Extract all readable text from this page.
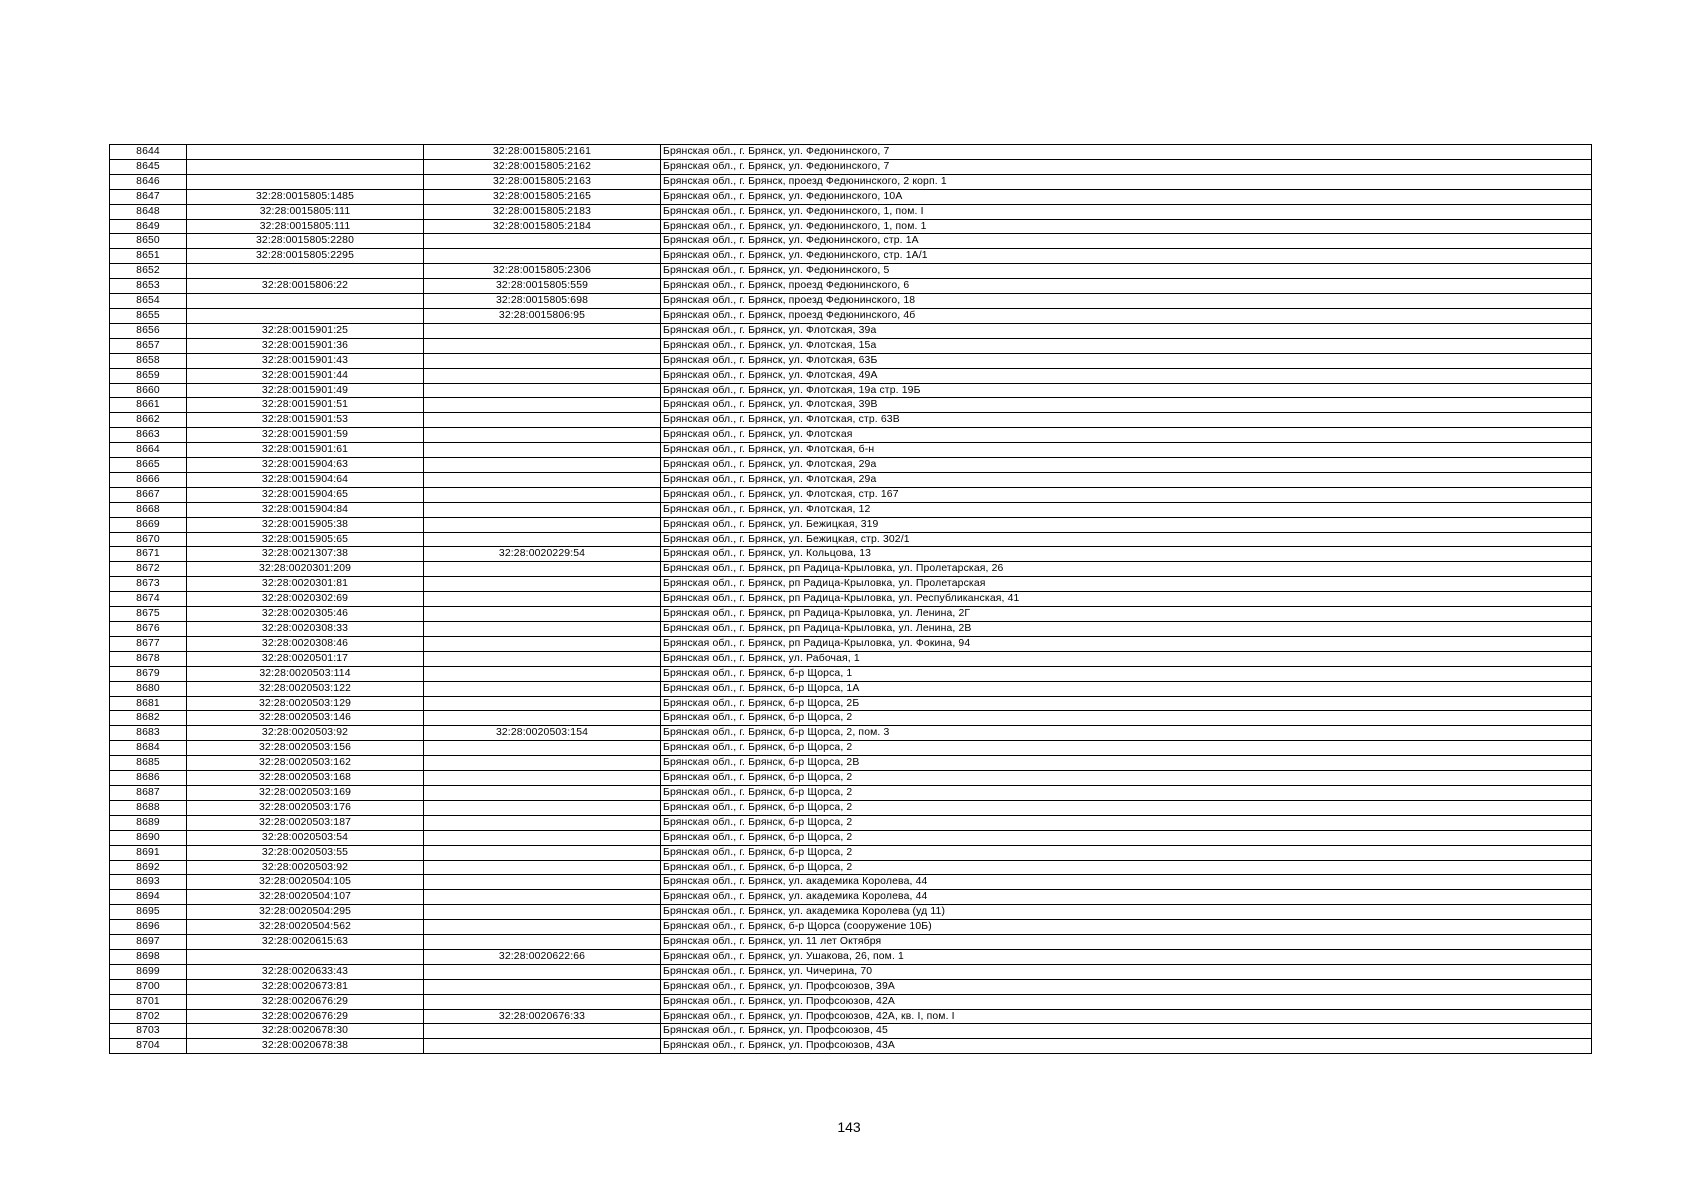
8644		32:28:0015805:2161	Брянская обл., г. Брянск, ул. Федюнинского, 7
8645		32:28:0015805:2162	Брянская обл., г. Брянск, ул. Федюнинского, 7
8646		32:28:0015805:2163	Брянская обл., г. Брянск, проезд Федюнинского, 2 корп. 1
8647	32:28:0015805:1485	32:28:0015805:2165	Брянская обл., г. Брянск, ул. Федюнинского, 10А
8648	32:28:0015805:111	32:28:0015805:2183	Брянская обл., г. Брянск, ул. Федюнинского, 1, пом. I
8649	32:28:0015805:111	32:28:0015805:2184	Брянская обл., г. Брянск, ул. Федюнинского, 1, пом. 1
8650	32:28:0015805:2280		Брянская обл., г. Брянск, ул. Федюнинского, стр. 1А
8651	32:28:0015805:2295		Брянская обл., г. Брянск, ул. Федюнинского, стр. 1А/1
8652		32:28:0015805:2306	Брянская обл., г. Брянск, ул. Федюнинского, 5
8653	32:28:0015806:22	32:28:0015805:559	Брянская обл., г. Брянск, проезд Федюнинского, 6
8654		32:28:0015805:698	Брянская обл., г. Брянск, проезд Федюнинского, 18
8655		32:28:0015806:95	Брянская обл., г. Брянск, проезд Федюнинского, 4б
8656	32:28:0015901:25		Брянская обл., г. Брянск, ул. Флотская, 39а
8657	32:28:0015901:36		Брянская обл., г. Брянск, ул. Флотская, 15а
8658	32:28:0015901:43		Брянская обл., г. Брянск, ул. Флотская, 63Б
8659	32:28:0015901:44		Брянская обл., г. Брянск, ул. Флотская, 49А
8660	32:28:0015901:49		Брянская обл., г. Брянск, ул. Флотская, 19а стр. 19Б
8661	32:28:0015901:51		Брянская обл., г. Брянск, ул. Флотская, 39В
8662	32:28:0015901:53		Брянская обл., г. Брянск, ул. Флотская, стр. 63В
8663	32:28:0015901:59		Брянская обл., г. Брянск, ул. Флотская
8664	32:28:0015901:61		Брянская обл., г. Брянск, ул. Флотская, б-н
8665	32:28:0015904:63		Брянская обл., г. Брянск, ул. Флотская, 29а
8666	32:28:0015904:64		Брянская обл., г. Брянск, ул. Флотская, 29а
8667	32:28:0015904:65		Брянская обл., г. Брянск, ул. Флотская, стр. 167
8668	32:28:0015904:84		Брянская обл., г. Брянск, ул. Флотская, 12
8669	32:28:0015905:38		Брянская обл., г. Брянск, ул. Бежицкая, 319
8670	32:28:0015905:65		Брянская обл., г. Брянск, ул. Бежицкая, стр. 302/1
8671	32:28:0021307:38	32:28:0020229:54	Брянская обл., г. Брянск, ул. Кольцова, 13
8672	32:28:0020301:209		Брянская обл., г. Брянск, рп Радица-Крыловка, ул. Пролетарская, 26
8673	32:28:0020301:81		Брянская обл., г. Брянск, рп Радица-Крыловка, ул. Пролетарская
8674	32:28:0020302:69		Брянская обл., г. Брянск, рп Радица-Крыловка, ул. Республиканская, 41
8675	32:28:0020305:46		Брянская обл., г. Брянск, рп Радица-Крыловка, ул. Ленина, 2Г
8676	32:28:0020308:33		Брянская обл., г. Брянск, рп Радица-Крыловка, ул. Ленина, 2В
8677	32:28:0020308:46		Брянская обл., г. Брянск, рп Радица-Крыловка, ул. Фокина, 94
8678	32:28:0020501:17		Брянская обл., г. Брянск, ул. Рабочая, 1
8679	32:28:0020503:114		Брянская обл., г. Брянск, б-р Щорса, 1
8680	32:28:0020503:122		Брянская обл., г. Брянск, б-р Щорса, 1А
8681	32:28:0020503:129		Брянская обл., г. Брянск, б-р Щорса, 2Б
8682	32:28:0020503:146		Брянская обл., г. Брянск, б-р Щорса, 2
8683	32:28:0020503:92	32:28:0020503:154	Брянская обл., г. Брянск, б-р Щорса, 2, пом. 3
8684	32:28:0020503:156		Брянская обл., г. Брянск, б-р Щорса, 2
8685	32:28:0020503:162		Брянская обл., г. Брянск, б-р Щорса, 2В
8686	32:28:0020503:168		Брянская обл., г. Брянск, б-р Щорса, 2
8687	32:28:0020503:169		Брянская обл., г. Брянск, б-р Щорса, 2
8688	32:28:0020503:176		Брянская обл., г. Брянск, б-р Щорса, 2
8689	32:28:0020503:187		Брянская обл., г. Брянск, б-р Щорса, 2
8690	32:28:0020503:54		Брянская обл., г. Брянск, б-р Щорса, 2
8691	32:28:0020503:55		Брянская обл., г. Брянск, б-р Щорса, 2
8692	32:28:0020503:92		Брянская обл., г. Брянск, б-р Щорса, 2
8693	32:28:0020504:105		Брянская обл., г. Брянск, ул. академика Королева, 44
8694	32:28:0020504:107		Брянская обл., г. Брянск, ул. академика Королева, 44
8695	32:28:0020504:295		Брянская обл., г. Брянск, ул. академика Королева (уд 11)
8696	32:28:0020504:562		Брянская обл., г. Брянск, б-р Щорса (сооружение 10Б)
8697	32:28:0020615:63		Брянская обл., г. Брянск, ул. 11 лет Октября
8698		32:28:0020622:66	Брянская обл., г. Брянск, ул. Ушакова, 26, пом. 1
8699	32:28:0020633:43		Брянская обл., г. Брянск, ул. Чичерина, 70
8700	32:28:0020673:81		Брянская обл., г. Брянск, ул. Профсоюзов, 39А
8701	32:28:0020676:29		Брянская обл., г. Брянск, ул. Профсоюзов, 42А
8702	32:28:0020676:29	32:28:0020676:33	Брянская обл., г. Брянск, ул. Профсоюзов, 42А, кв. I, пом. I
8703	32:28:0020678:30		Брянская обл., г. Брянск, ул. Профсоюзов, 45
8704	32:28:0020678:38		Брянская обл., г. Брянск, ул. Профсоюзов, 43А
143
